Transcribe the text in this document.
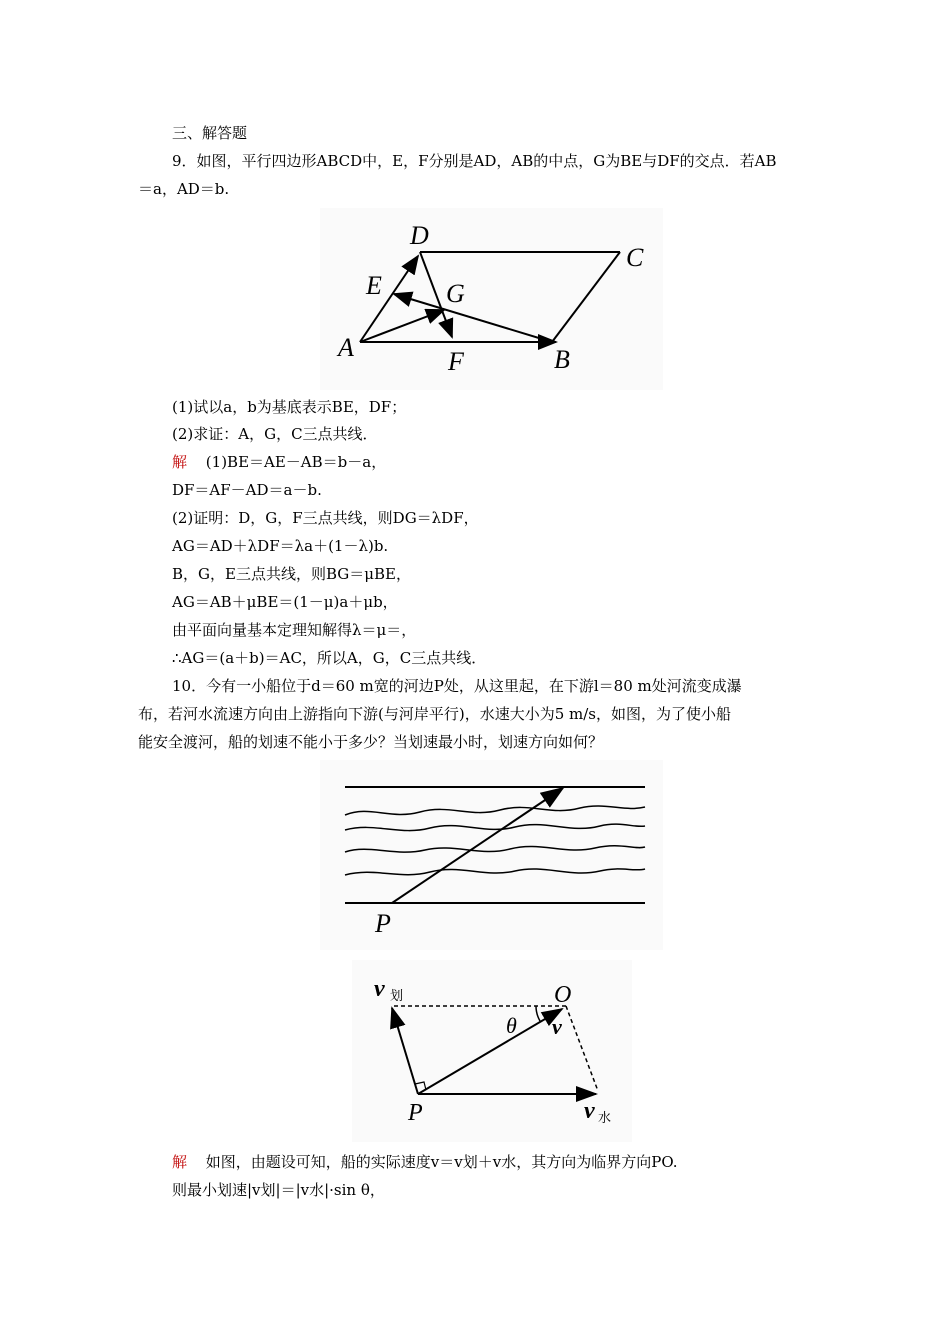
三、解答题
9．如图，平行四边形ABCD中，E，F分别是AD，AB的中点，G为BE与DF的交点．若AB
＝a，AD＝b.
D
C
E G
A	F	B
(1)试以a，b为基底表示BE，DF；
(2)求证：A，G，C三点共线．
解 (1)BE＝AE－AB＝b－a，
DF＝AF－AD＝a－b.
(2)证明：D，G，F三点共线，则DG＝λDF，
AG＝AD＋λDF＝λa＋(1－λ)b.
B，G，E三点共线，则BG＝μBE，
AG＝AB＋μBE＝(1－μ)a＋μb，
由平面向量基本定理知解得λ＝μ＝，
∴AG＝(a＋b)＝AC，所以A，G，C三点共线．
10．今有一小船位于d＝60 m宽的河边P处，从这里起，在下游l＝80 m处河流变成瀑
布，若河水流速方向由上游指向下游(与河岸平行)，水速大小为5 m/s，如图，为了使小船
能安全渡河，船的划速不能小于多少？当划速最小时，划速方向如何？
P
v 划	O
θ v
P	v 水
解 如图，由题设可知，船的实际速度v＝v划＋v水，其方向为临界方向PO.
则最小划速|v划|＝|v水|·sin θ，
